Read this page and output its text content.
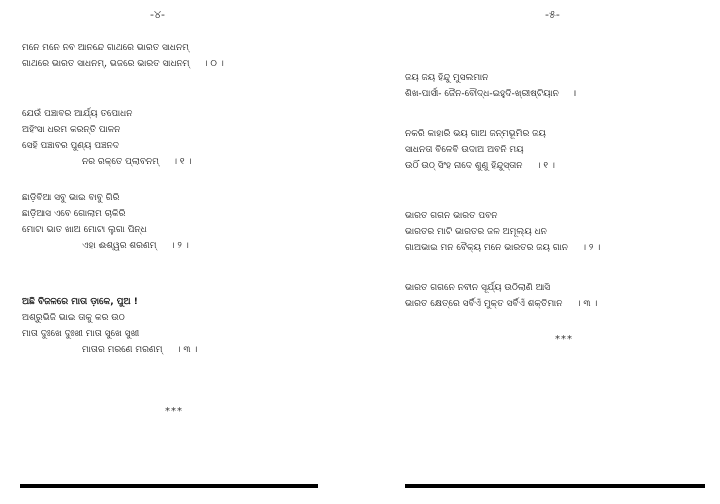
-୪-
ମନେ ମନେ ନବ ଆନନ୍ଦେ ଗାଥରେ ଭାରତ ସାଧନମ୍
ଗାଥରେ ଭାରତ ସାଧନମ୍, ଭଜରେ ଭାରତ ସାଧନମ୍ । ୦ ।
ଯେଉଁ ପଞ୍ଚାବର ଆର୍ଯ୍ୟ ତପୋଧନ
ଅହିଂସା ଧରମ କରନ୍ତି ପାଳନ
ସେହି ପଞ୍ଚାବର ପୁଣ୍ୟ ପଞ୍ଚନଦ
ନର ରକ୍ତେ ପ୍ଲାବନମ୍ । ୧ ।
ଛାଡ଼ିବିଆ ସବୁ ଭାଇ ବାବୁ ଗିରି
ଛାଡ଼ିଆସ ଏବେ ଗୋଲାମ ଚାକିରି
ମୋଟା ଭାତ ଖାଅ ମୋଟା ଲୁଗା ପିନ୍ଧ
ଏହା ଈଶ୍ୱର ଶରଣମ୍ । ୨ ।
ଅଛି ବିଜଳରେ ମାତା ଡ଼ାକେ, ପୁଅ !
ଅଶ୍ରୁଭିଜି ଭାଇ ତାକୁ କର ଉଠ
ମାତା ଦୁଃଖେ ଦୁଃଖୀ ମାତା ସୁଖେ ସୁଖୀ
ମାତାର ମରଣେ ମରଣମ୍ । ୩ ।
***
-୫-
ଜୟ ଜୟ ହିନ୍ଦୁ ମୁସଲମାନ
ଶିଖ-ପାର୍ସୀ- ଜୈନ-ବୌଦ୍ଧ-ଇହୁଦି-ଖ୍ରୀଷ୍ଟିୟାନ ।
ନକରି କାହାରି ଭୟ ଗାଅ ଜନ୍ମଭୂମିର ଜୟ
ସାଧନତା ବିଳେବି ଉଦାଅ ଅବନି ମୟ
ଉଠିଁ ଉଠ୍ ସିଂହ ନାଦେ ଶୁଣୁ ହିନ୍ଦୁସ୍ତାନ । ୧ ।
ଭାରତ ଗଗନ ଭାରତ ପବନ
ଭାରତର ମାଟି ଭାରତର ଜଳ ଅମୂଲ୍ୟ ଧନ
ଗାଅଭାଇ ମନ ବୈକ୍ୟ ମନେ ଭାରତର ଜୟ ଗାନ । ୨ ।
ଭାରତ ଗଗନେ ନବୀନ ସୂର୍ଯ୍ୟ ଉଠିଲାଣି ଆସି
ଭାରତ କ୍ଷେତ୍ରେ ସର୍ବିଏଁ ମୁକ୍ତ ସର୍ବିଏଁ ଶକ୍ତିମାନ । ୩ ।
***
